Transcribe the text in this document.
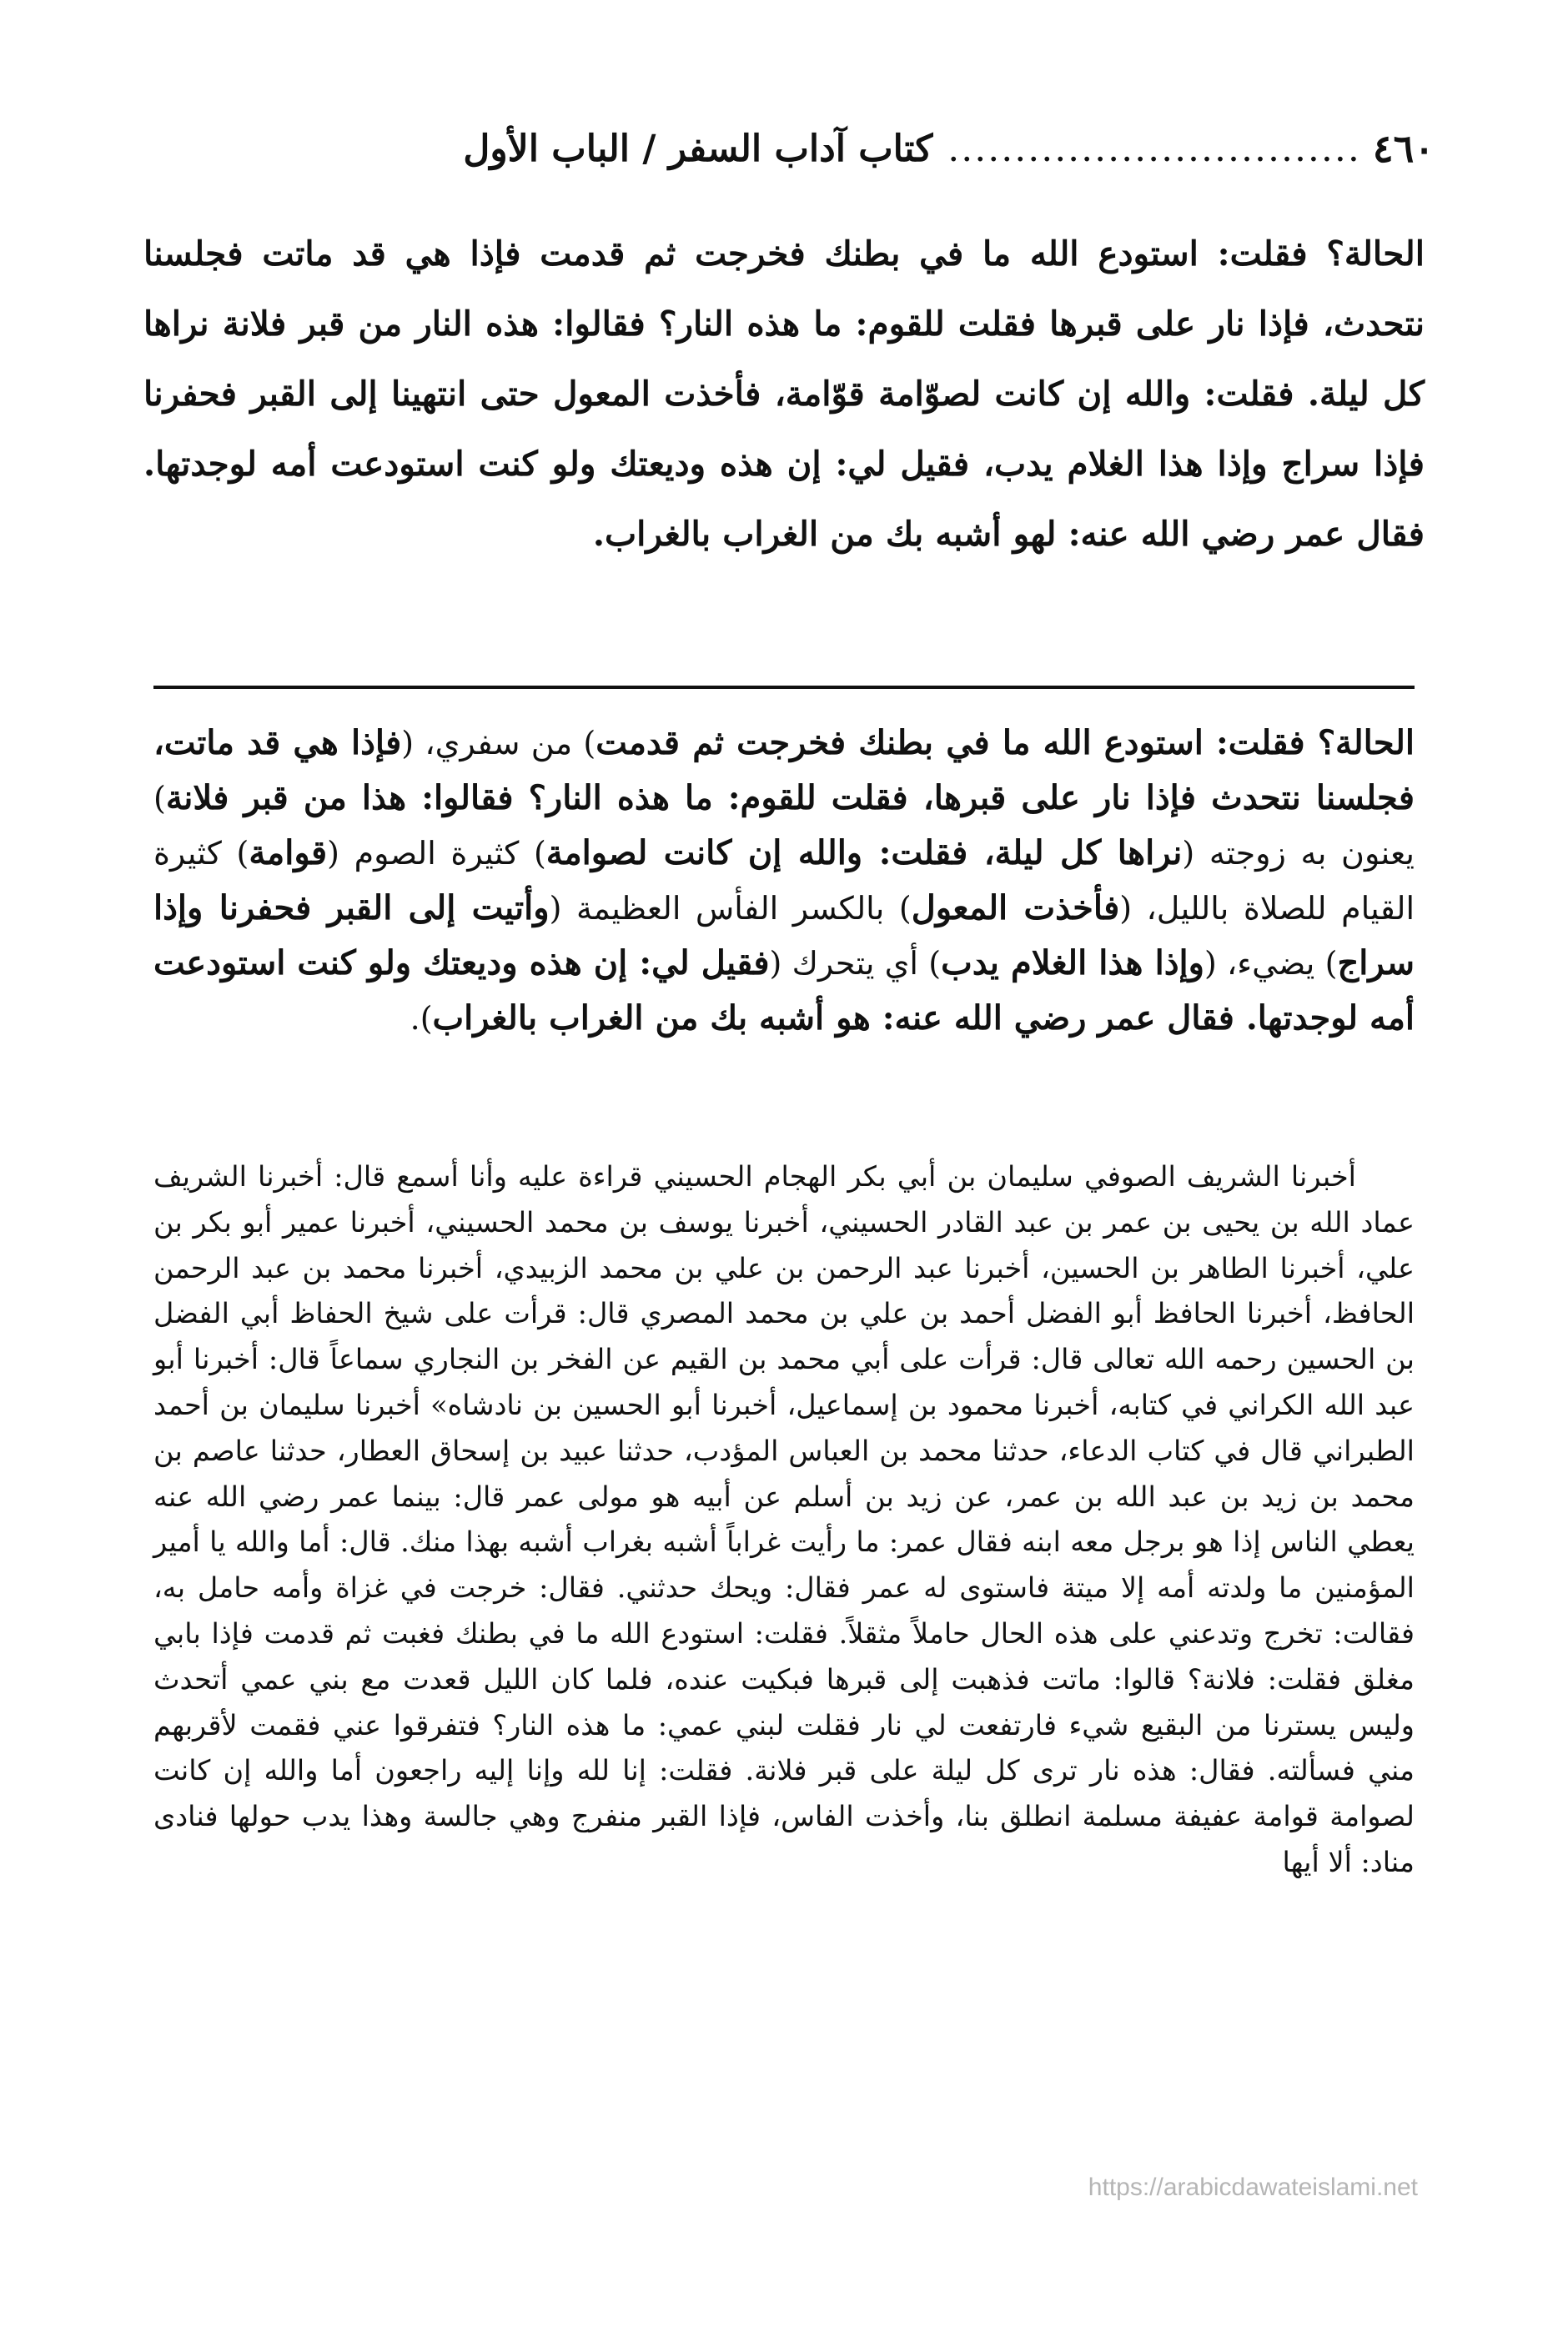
٤٦٠
...............................
كتاب آداب السفر / الباب الأول
الحالة؟ فقلت: استودع الله ما في بطنك فخرجت ثم قدمت فإذا هي قد ماتت فجلسنا نتحدث، فإذا نار على قبرها فقلت للقوم: ما هذه النار؟ فقالوا: هذه النار من قبر فلانة نراها كل ليلة. فقلت: والله إن كانت لصوّامة قوّامة، فأخذت المعول حتى انتهينا إلى القبر فحفرنا فإذا سراج وإذا هذا الغلام يدب، فقيل لي: إن هذه وديعتك ولو كنت استودعت أمه لوجدتها. فقال عمر رضي الله عنه: لهو أشبه بك من الغراب بالغراب.
الحالة؟ فقلت: استودع الله ما في بطنك فخرجت ثم قدمت) من سفري، (فإذا هي قد ماتت، فجلسنا نتحدث فإذا نار على قبرها، فقلت للقوم: ما هذه النار؟ فقالوا: هذا من قبر فلانة) يعنون به زوجته (نراها كل ليلة، فقلت: والله إن كانت لصوامة) كثيرة الصوم (قوامة) كثيرة القيام للصلاة بالليل، (فأخذت المعول) بالكسر الفأس العظيمة (وأتيت إلى القبر فحفرنا وإذا سراج) يضيء، (وإذا هذا الغلام يدب) أي يتحرك (فقيل لي: إن هذه وديعتك ولو كنت استودعت أمه لوجدتها. فقال عمر رضي الله عنه: هو أشبه بك من الغراب بالغراب).
أخبرنا الشريف الصوفي سليمان بن أبي بكر الهجام الحسيني قراءة عليه وأنا أسمع قال: أخبرنا الشريف عماد الله بن يحيى بن عمر بن عبد القادر الحسيني، أخبرنا يوسف بن محمد الحسيني، أخبرنا عمير أبو بكر بن علي، أخبرنا الطاهر بن الحسين، أخبرنا عبد الرحمن بن علي بن محمد الزبيدي، أخبرنا محمد بن عبد الرحمن الحافظ، أخبرنا الحافظ أبو الفضل أحمد بن علي بن محمد المصري قال: قرأت على شيخ الحفاظ أبي الفضل بن الحسين رحمه الله تعالى قال: قرأت على أبي محمد بن القيم عن الفخر بن النجاري سماعاً قال: أخبرنا أبو عبد الله الكراني في كتابه، أخبرنا محمود بن إسماعيل، أخبرنا أبو الحسين بن نادشاه» أخبرنا سليمان بن أحمد الطبراني قال في كتاب الدعاء، حدثنا محمد بن العباس المؤدب، حدثنا عبيد بن إسحاق العطار، حدثنا عاصم بن محمد بن زيد بن عبد الله بن عمر، عن زيد بن أسلم عن أبيه هو مولى عمر قال: بينما عمر رضي الله عنه يعطي الناس إذا هو برجل معه ابنه فقال عمر: ما رأيت غراباً أشبه بغراب أشبه بهذا منك. قال: أما والله يا أمير المؤمنين ما ولدته أمه إلا ميتة فاستوى له عمر فقال: ويحك حدثني. فقال: خرجت في غزاة وأمه حامل به، فقالت: تخرج وتدعني على هذه الحال حاملاً مثقلاً. فقلت: استودع الله ما في بطنك فغبت ثم قدمت فإذا بابي مغلق فقلت: فلانة؟ قالوا: ماتت فذهبت إلى قبرها فبكيت عنده، فلما كان الليل قعدت مع بني عمي أتحدث وليس يسترنا من البقيع شيء فارتفعت لي نار فقلت لبني عمي: ما هذه النار؟ فتفرقوا عني فقمت لأقربهم مني فسألته. فقال: هذه نار ترى كل ليلة على قبر فلانة. فقلت: إنا لله وإنا إليه راجعون أما والله إن كانت لصوامة قوامة عفيفة مسلمة انطلق بنا، وأخذت الفاس، فإذا القبر منفرج وهي جالسة وهذا يدب حولها فنادى مناد: ألا أيها
https://arabicdawateislami.net
